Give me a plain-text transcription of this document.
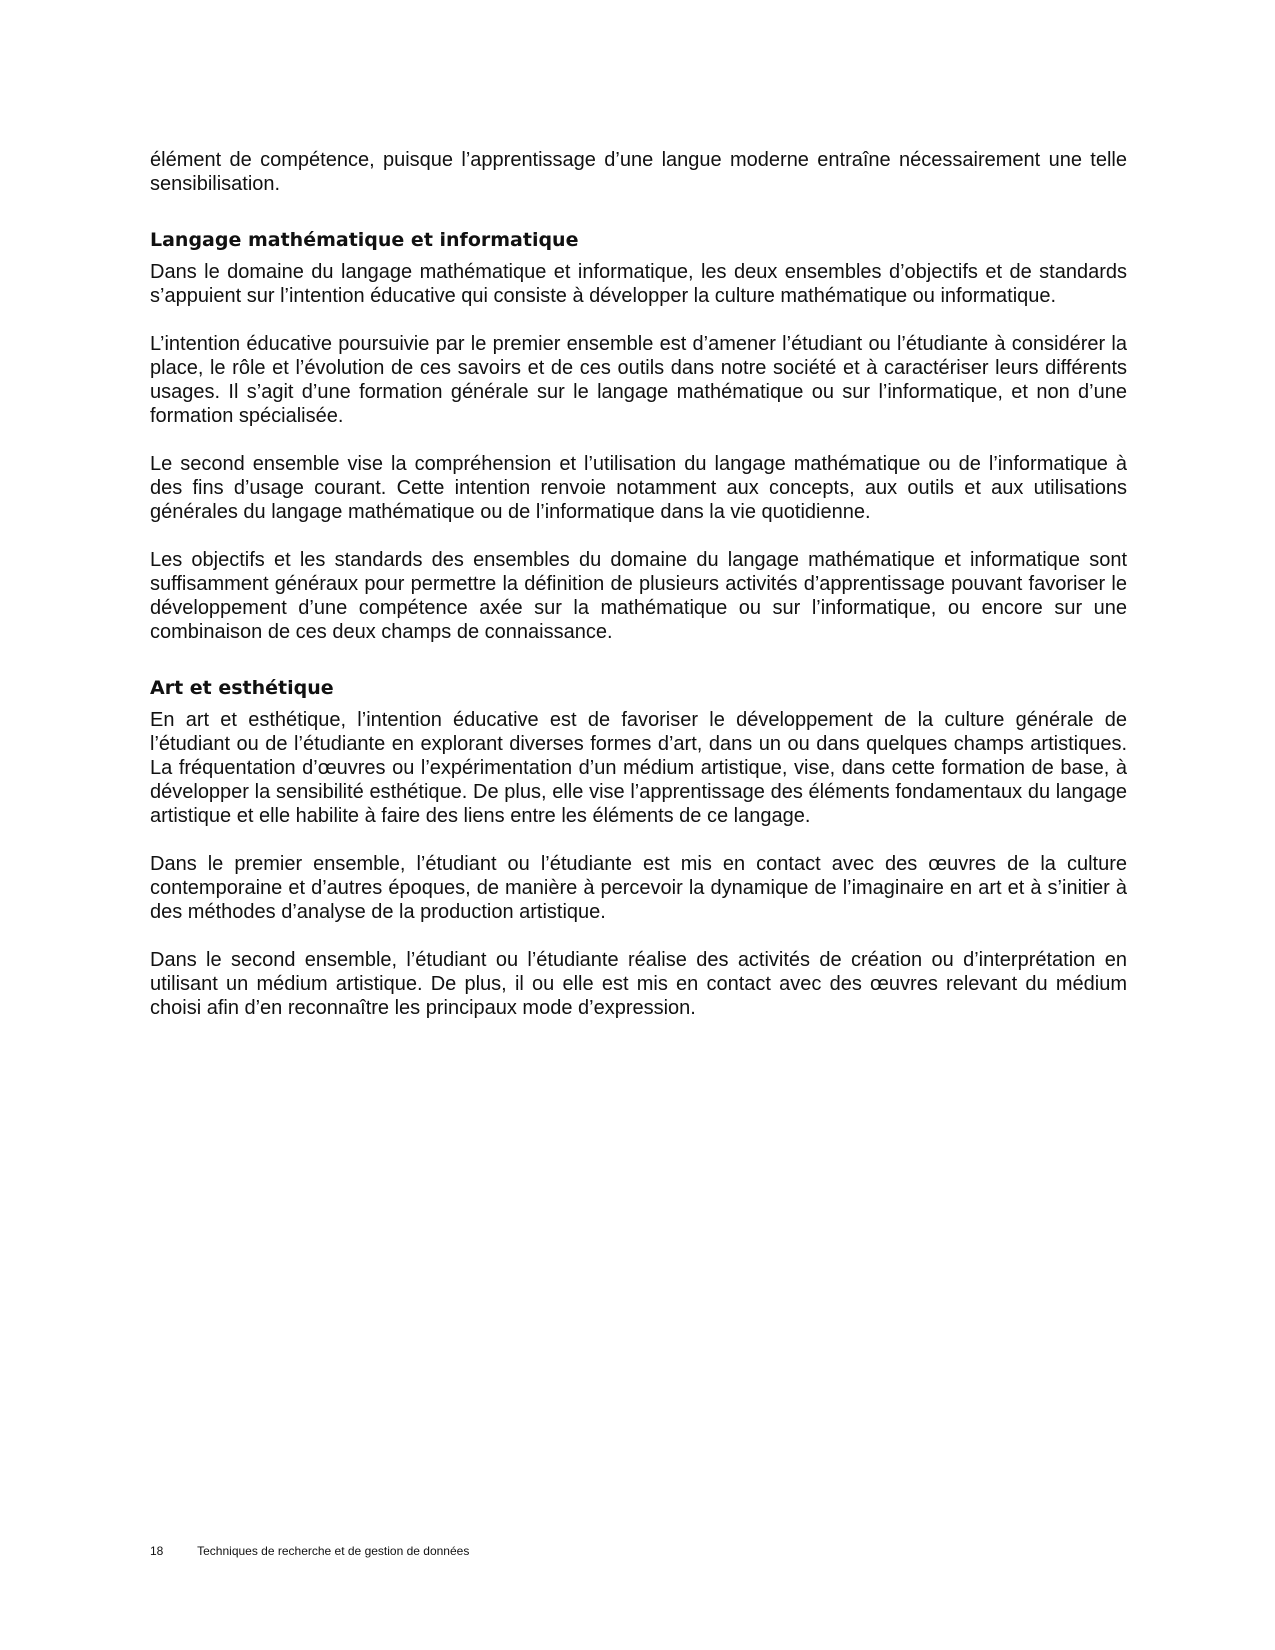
élément de compétence, puisque l’apprentissage d’une langue moderne entraîne nécessairement une telle sensibilisation.

Langage mathématique et informatique

Dans le domaine du langage mathématique et informatique, les deux ensembles d’objectifs et de standards s’appuient sur l’intention éducative qui consiste à développer la culture mathématique ou informatique.

L’intention éducative poursuivie par le premier ensemble est d’amener l’étudiant ou l’étudiante à considérer la place, le rôle et l’évolution de ces savoirs et de ces outils dans notre société et à caractériser leurs différents usages. Il s’agit d’une formation générale sur le langage mathématique ou sur l’informatique, et non d’une formation spécialisée.

Le second ensemble vise la compréhension et l’utilisation du langage mathématique ou de l’informatique à des fins d’usage courant. Cette intention renvoie notamment aux concepts, aux outils et aux utilisations générales du langage mathématique ou de l’informatique dans la vie quotidienne.

Les objectifs et les standards des ensembles du domaine du langage mathématique et informatique sont suffisamment généraux pour permettre la définition de plusieurs activités d’apprentissage pouvant favoriser le développement d’une compétence axée sur la mathématique ou sur l’informatique, ou encore sur une combinaison de ces deux champs de connaissance.

Art et esthétique

En art et esthétique, l’intention éducative est de favoriser le développement de la culture générale de l’étudiant ou de l’étudiante en explorant diverses formes d’art, dans un ou dans quelques champs artistiques. La fréquentation d’œuvres ou l’expérimentation d’un médium artistique, vise, dans cette formation de base, à développer la sensibilité esthétique. De plus, elle vise l’apprentissage des éléments fondamentaux du langage artistique et elle habilite à faire des liens entre les éléments de ce langage.

Dans le premier ensemble, l’étudiant ou l’étudiante est mis en contact avec des œuvres de la culture contemporaine et d’autres époques, de manière à percevoir la dynamique de l’imaginaire en art et à s’initier à des méthodes d’analyse de la production artistique.

Dans le second ensemble, l’étudiant ou l’étudiante réalise des activités de création ou d’interprétation en utilisant un médium artistique. De plus, il ou elle est mis en contact avec des œuvres relevant du médium choisi afin d’en reconnaître les principaux mode d’expression.

18	Techniques de recherche et de gestion de données
